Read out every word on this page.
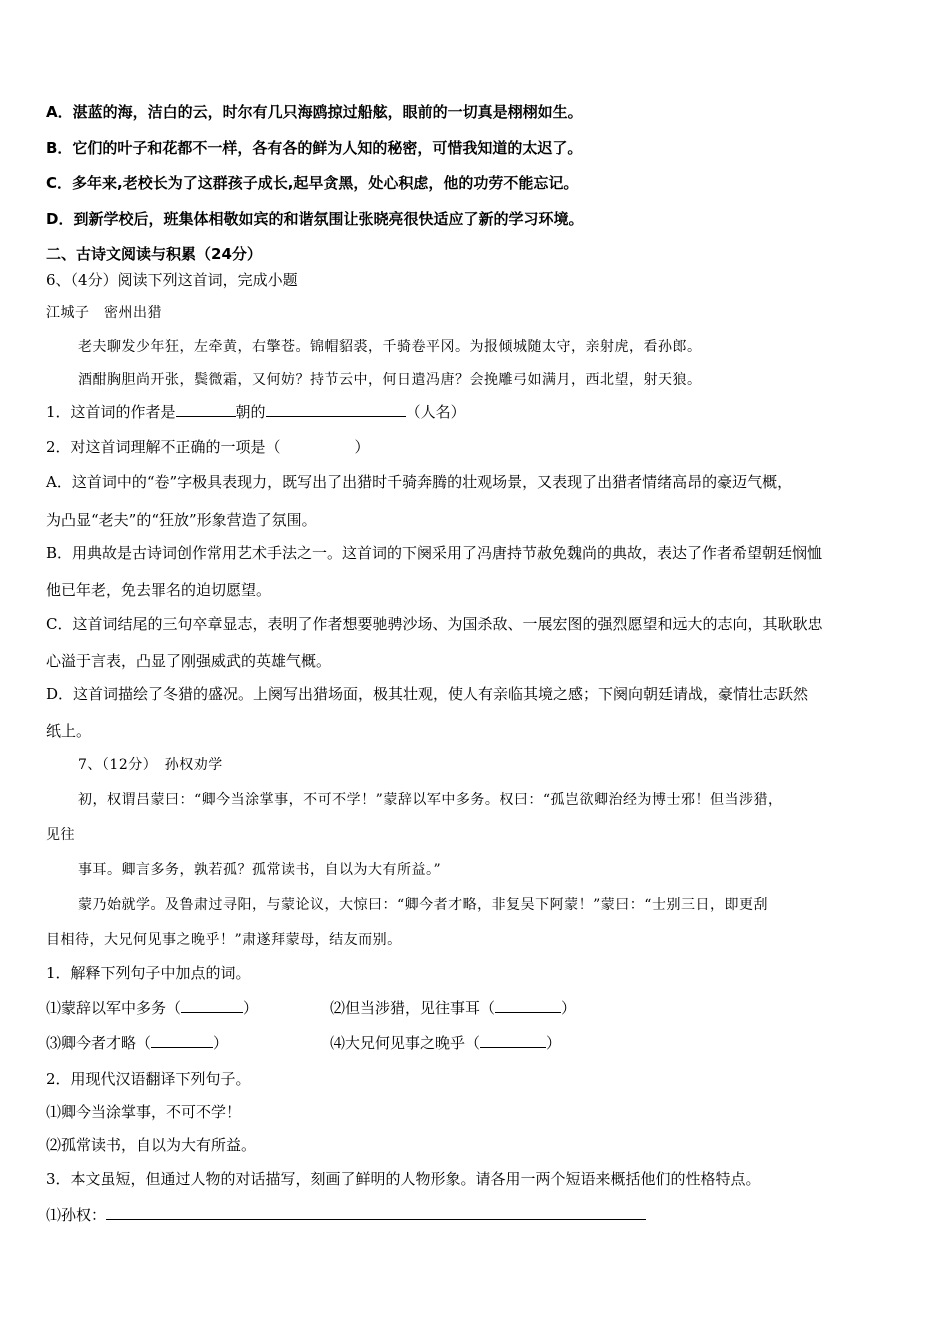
A．湛蓝的海，洁白的云，时尔有几只海鸥掠过船舷，眼前的一切真是栩栩如生。
B．它们的叶子和花都不一样，各有各的鲜为人知的秘密，可惜我知道的太迟了。
C．多年来,老校长为了这群孩子成长,起早贪黑，处心积虑，他的功劳不能忘记。
D．到新学校后，班集体相敬如宾的和谐氛围让张晓亮很快适应了新的学习环境。
二、古诗文阅读与积累（24分）
6、（4分）阅读下列这首词，完成小题
江城子　密州出猎
老夫聊发少年狂，左牵黄，右擎苍。锦帽貂裘，千骑卷平冈。为报倾城随太守，亲射虎，看孙郎。
酒酣胸胆尚开张，鬓微霜，又何妨？持节云中，何日遣冯唐？会挽雕弓如满月，西北望，射天狼。
1．这首词的作者是	朝的	（人名）
2．对这首词理解不正确的一项是（	）
A．这首词中的“卷”字极具表现力，既写出了出猎时千骑奔腾的壮观场景，又表现了出猎者情绪高昂的豪迈气概，
为凸显“老夫”的“狂放”形象营造了氛围。
B．用典故是古诗词创作常用艺术手法之一。这首词的下阕采用了冯唐持节赦免魏尚的典故，表达了作者希望朝廷悯恤
他已年老，免去罪名的迫切愿望。
C．这首词结尾的三句卒章显志，表明了作者想要驰骋沙场、为国杀敌、一展宏图的强烈愿望和远大的志向，其耿耿忠
心溢于言表，凸显了刚强威武的英雄气概。
D．这首词描绘了冬猎的盛况。上阕写出猎场面，极其壮观，使人有亲临其境之感；下阕向朝廷请战，豪情壮志跃然
纸上。
7、（12分）　孙权劝学
初，权谓吕蒙曰：“卿今当涂掌事，不可不学！”蒙辞以军中多务。权曰：“孤岂欲卿治经为博士邪！但当涉猎，
见往
事耳。卿言多务，孰若孤？孤常读书，自以为大有所益。”
蒙乃始就学。及鲁肃过寻阳，与蒙论议，大惊曰：“卿今者才略，非复吴下阿蒙！”蒙曰：“士别三日，即更刮
目相待，大兄何见事之晚乎！”肃遂拜蒙母，结友而别。
1．解释下列句子中加点的词。
⑴蒙辞以军中多务（	）	⑵但当涉猎，见往事耳（	）
⑶卿今者才略（	）	⑷大兄何见事之晚乎（	）
2．用现代汉语翻译下列句子。
⑴卿今当涂掌事，不可不学！
⑵孤常读书，自以为大有所益。
3．本文虽短，但通过人物的对话描写，刻画了鲜明的人物形象。请各用一两个短语来概括他们的性格特点。
⑴孙权：
